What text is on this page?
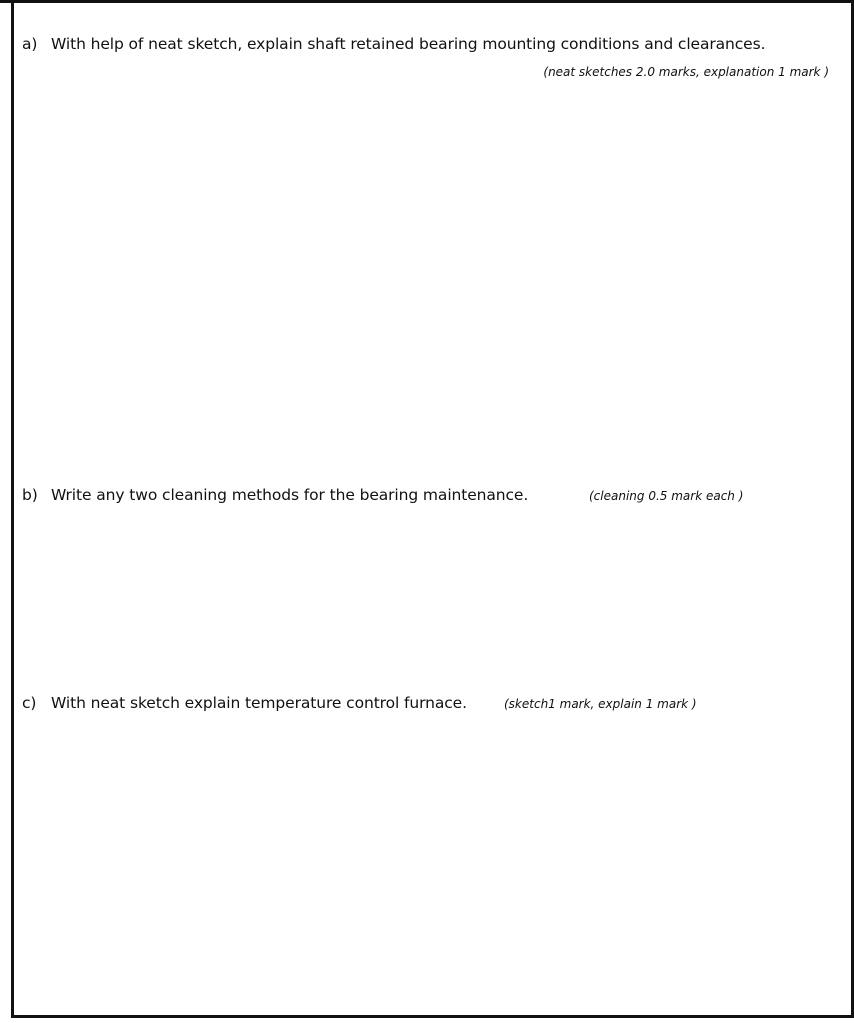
a) With help of neat sketch, explain shaft retained bearing mounting conditions and clearances.
(neat sketches 2.0 marks, explanation 1 mark )
b) Write any two cleaning methods for the bearing maintenance.	(cleaning 0.5 mark each )
c) With neat sketch explain temperature control furnace.	(sketch1 mark, explain 1 mark )
